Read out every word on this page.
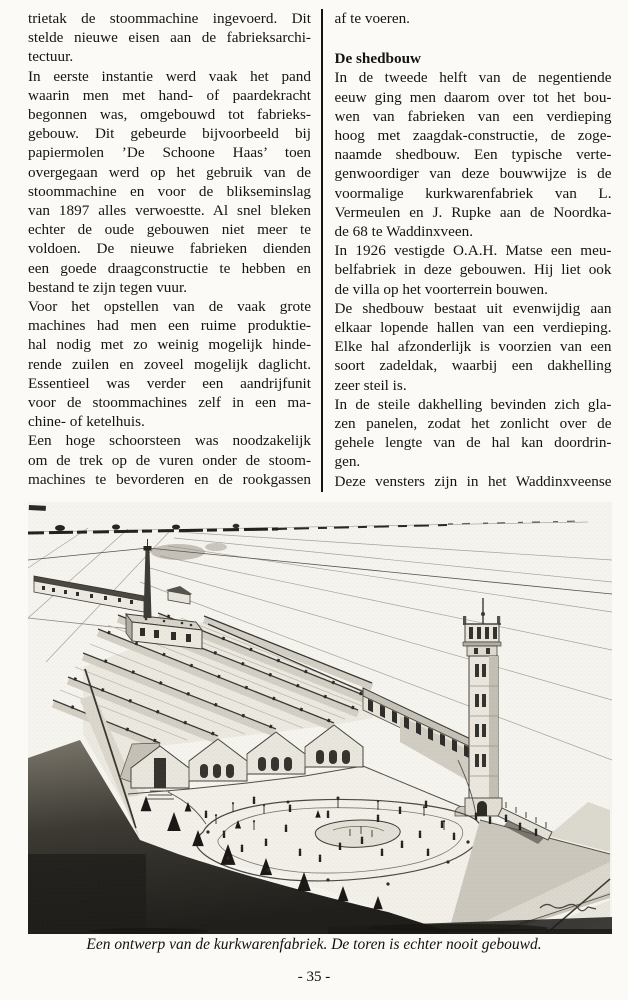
trietak de stoommachine ingevoerd. Dit
stelde nieuwe eisen aan de fabrieksarchi-
tectuur.
In eerste instantie werd vaak het pand
waarin men met hand- of paardekracht
begonnen was, omgebouwd tot fabrieks-
gebouw. Dit gebeurde bijvoorbeeld bij
papiermolen ’De Schoone Haas’ toen
overgegaan werd op het gebruik van de
stoommachine en voor de blikseminslag
van 1897 alles verwoestte. Al snel bleken
echter de oude gebouwen niet meer te
voldoen. De nieuwe fabrieken dienden
een goede draagconstructie te hebben en
bestand te zijn tegen vuur.
Voor het opstellen van de vaak grote
machines had men een ruime produktie-
hal nodig met zo weinig mogelijk hinde-
rende zuilen en zoveel mogelijk daglicht.
Essentieel was verder een aandrijfunit
voor de stoommachines zelf in een ma-
chine- of ketelhuis.
Een hoge schoorsteen was noodzakelijk
om de trek op de vuren onder de stoom-
machines te bevorderen en de rookgassen
af te voeren.
De shedbouw
In de tweede helft van de negentiende
eeuw ging men daarom over tot het bou-
wen van fabrieken van een verdieping
hoog met zaagdak-constructie, de zoge-
naamde shedbouw. Een typische verte-
genwoordiger van deze bouwwijze is de
voormalige kurkwarenfabriek van L.
Vermeulen en J. Rupke aan de Noordka-
de 68 te Waddinxveen.
In 1926 vestigde O.A.H. Matse een meu-
belfabriek in deze gebouwen. Hij liet ook
de villa op het voorterrein bouwen.
De shedbouw bestaat uit evenwijdig aan
elkaar lopende hallen van een verdieping.
Elke hal afzonderlijk is voorzien van een
soort zadeldak, waarbij een dakhelling
zeer steil is.
In de steile dakhelling bevinden zich gla-
zen panelen, zodat het zonlicht over de
gehele lengte van de hal kan doordrin-
gen.
Deze vensters zijn in het Waddinxveense
Een ontwerp van de kurkwarenfabriek. De toren is echter nooit gebouwd.
- 35 -
